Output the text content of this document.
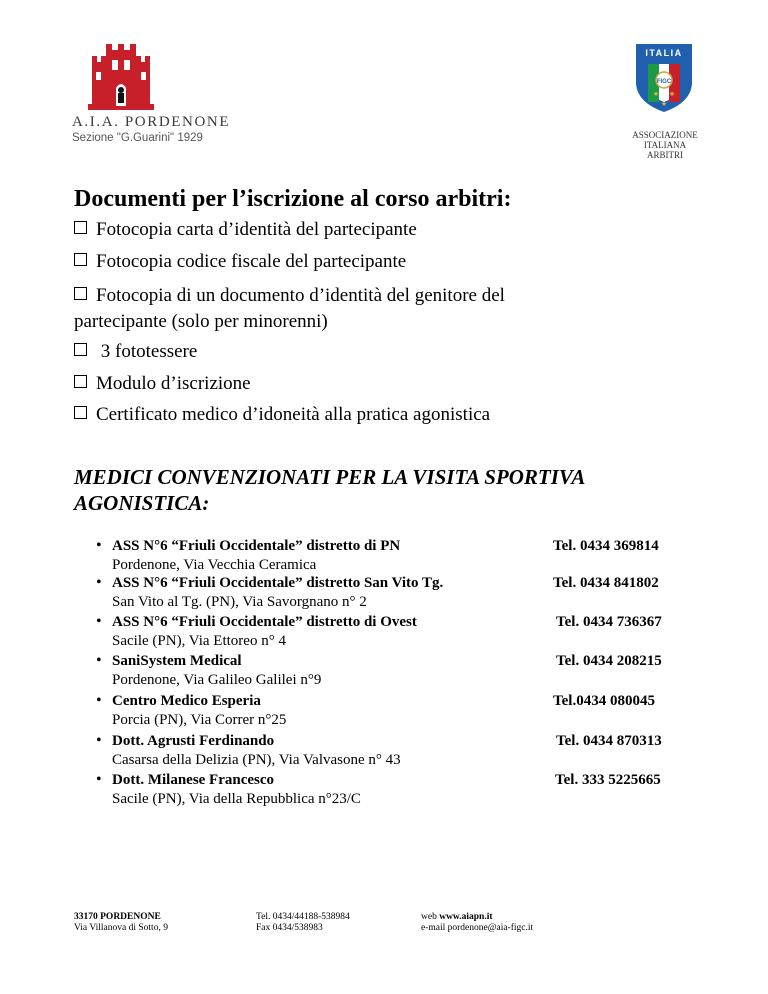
A.I.A. PORDENONE
Sezione "G.Guarini" 1929
ITALIA
FIGC
★ ★
★
ASSOCIAZIONE
ITALIANA
ARBITRI
Documenti per l’iscrizione al corso arbitri:
Fotocopia carta d’identità del partecipante
Fotocopia codice fiscale del partecipante
Fotocopia di un documento d’identità del genitore del
partecipante (solo per minorenni)
3 fototessere
Modulo d’iscrizione
Certificato medico d’idoneità alla pratica agonistica
MEDICI CONVENZIONATI PER LA VISITA SPORTIVA AGONISTICA:
• ASS N°6 “Friuli Occidentale” distretto di PN
Pordenone, Via Vecchia Ceramica
Tel. 0434 369814
• ASS N°6 “Friuli Occidentale” distretto San Vito Tg.
San Vito al Tg. (PN), Via Savorgnano n° 2
Tel. 0434 841802
• ASS N°6 “Friuli Occidentale” distretto di Ovest
Sacile (PN), Via Ettoreo n° 4
Tel. 0434 736367
• SaniSystem Medical
Pordenone, Via Galileo Galilei n°9
Tel. 0434 208215
• Centro Medico Esperia
Porcia (PN), Via Correr n°25
Tel.0434 080045
• Dott. Agrusti Ferdinando
Casarsa della Delizia (PN), Via Valvasone n° 43
Tel. 0434 870313
• Dott. Milanese Francesco
Sacile (PN), Via della Repubblica n°23/C
Tel. 333 5225665
33170 PORDENONE
Via Villanova di Sotto, 9
Tel. 0434/44188-538984
Fax 0434/538983
web www.aiapn.it
e-mail pordenone@aia-figc.it
